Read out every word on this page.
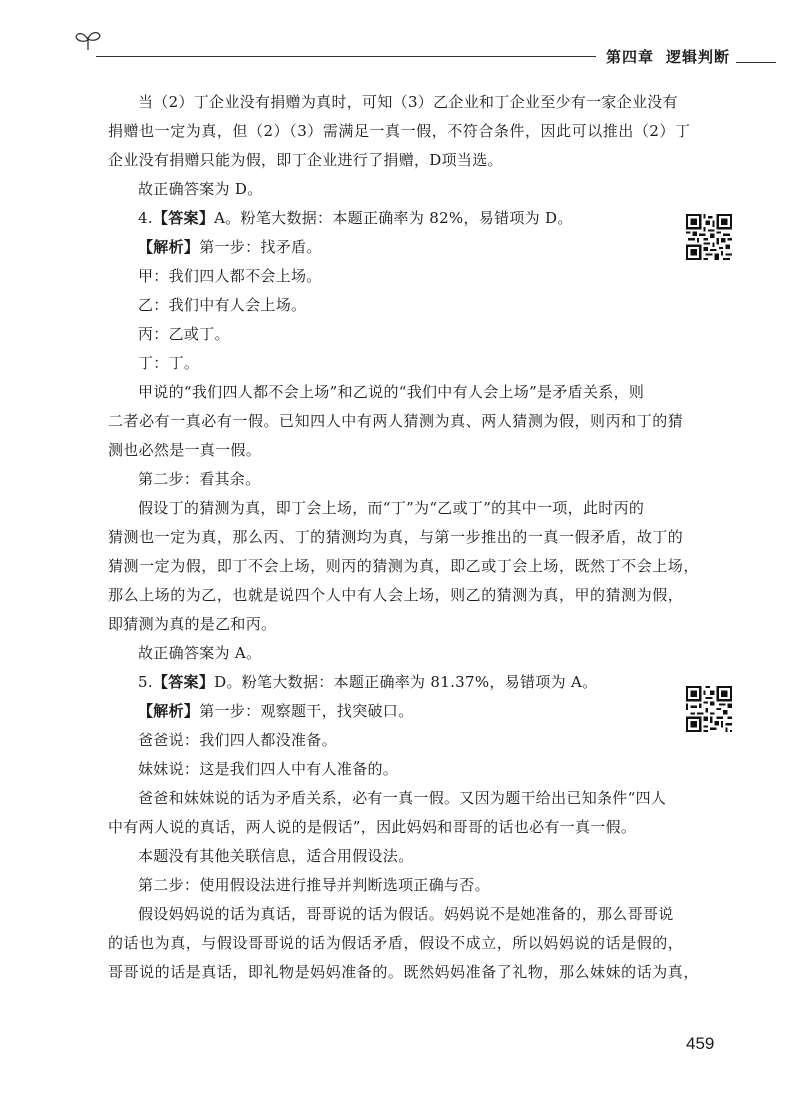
第四章 逻辑判断
当（2）丁企业没有捐赠为真时，可知（3）乙企业和丁企业至少有一家企业没有
捐赠也一定为真，但（2）（3）需满足一真一假，不符合条件，因此可以推出（2）丁
企业没有捐赠只能为假，即丁企业进行了捐赠，D项当选。
故正确答案为 D。
4.【答案】A。粉笔大数据：本题正确率为 82%，易错项为 D。
【解析】第一步：找矛盾。
甲：我们四人都不会上场。
乙：我们中有人会上场。
丙：乙或丁。
丁：丁。
甲说的“我们四人都不会上场”和乙说的“我们中有人会上场”是矛盾关系，则
二者必有一真必有一假。已知四人中有两人猜测为真、两人猜测为假，则丙和丁的猜
测也必然是一真一假。
第二步：看其余。
假设丁的猜测为真，即丁会上场，而“丁”为“乙或丁”的其中一项，此时丙的
猜测也一定为真，那么丙、丁的猜测均为真，与第一步推出的一真一假矛盾，故丁的
猜测一定为假，即丁不会上场，则丙的猜测为真，即乙或丁会上场，既然丁不会上场，
那么上场的为乙，也就是说四个人中有人会上场，则乙的猜测为真，甲的猜测为假，
即猜测为真的是乙和丙。
故正确答案为 A。
5.【答案】D。粉笔大数据：本题正确率为 81.37%，易错项为 A。
【解析】第一步：观察题干，找突破口。
爸爸说：我们四人都没准备。
妹妹说：这是我们四人中有人准备的。
爸爸和妹妹说的话为矛盾关系，必有一真一假。又因为题干给出已知条件“四人
中有两人说的真话，两人说的是假话”，因此妈妈和哥哥的话也必有一真一假。
本题没有其他关联信息，适合用假设法。
第二步：使用假设法进行推导并判断选项正确与否。
假设妈妈说的话为真话，哥哥说的话为假话。妈妈说不是她准备的，那么哥哥说
的话也为真，与假设哥哥说的话为假话矛盾，假设不成立，所以妈妈说的话是假的，
哥哥说的话是真话，即礼物是妈妈准备的。既然妈妈准备了礼物，那么妹妹的话为真，
459
